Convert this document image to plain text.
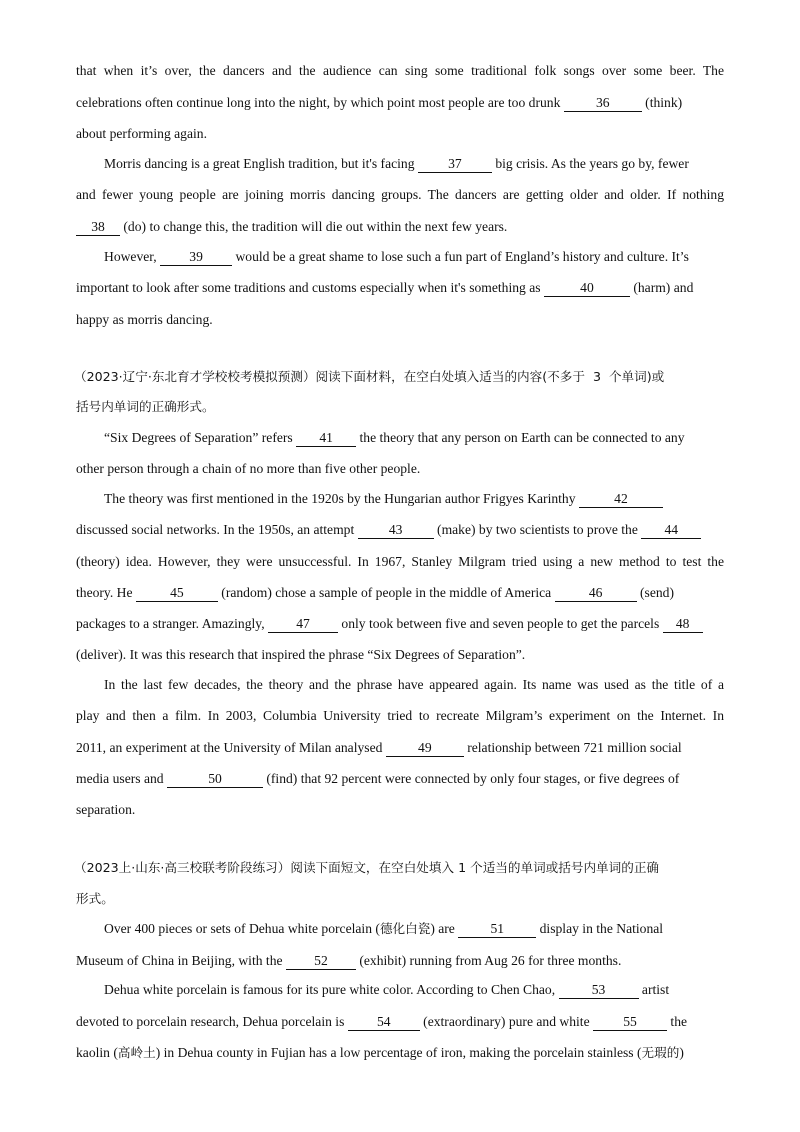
that when it’s over, the dancers and the audience can sing some traditional folk songs over some beer. The
celebrations often continue long into the night, by which point most people are too drunk 36 (think)
about performing again.
Morris dancing is a great English tradition, but it's facing 37 big crisis. As the years go by, fewer
and fewer young people are joining morris dancing groups. The dancers are getting older and older. If nothing
38 (do) to change this, the tradition will die out within the next few years.
However, 39 would be a great shame to lose such a fun part of England’s history and culture. It’s
important to look after some traditions and customs especially when it's something as	40	(harm) and
happy as morris dancing.
（2023·辽宁·东北育才学校校考模拟预测）阅读下面材料，在空白处填入适当的内容(不多于  3  个单词)或
括号内单词的正确形式。
“Six Degrees of Separation” refers 41 the theory that any person on Earth can be connected to any
other person through a chain of no more than five other people.
The theory was first mentioned in the 1920s by the Hungarian author Frigyes Karinthy	42
discussed social networks. In the 1950s, an attempt 43 (make) by two scientists to prove the 44
(theory) idea. However, they were unsuccessful. In 1967, Stanley Milgram tried using a new method to test the
theory. He	45	(random) chose a sample of people in the middle of America	46	(send)
packages to a stranger. Amazingly, 47 only took between five and seven people to get the parcels 48
(deliver). It was this research that inspired the phrase “Six Degrees of Separation”.
In the last few decades, the theory and the phrase have appeared again. Its name was used as the title of a
play and then a film. In 2003, Columbia University tried to recreate Milgram’s experiment on the Internet. In
2011, an experiment at the University of Milan analysed 49 relationship between 721 million social
media users and	50	(find) that 92 percent were connected by only four stages, or five degrees of
separation.
（2023上·山东·高三校联考阶段练习）阅读下面短文，在空白处填入 1 个适当的单词或括号内单词的正确
形式。
Over 400 pieces or sets of Dehua white porcelain (德化白瓷) are 51 display in the National
Museum of China in Beijing, with the 52 (exhibit) running from Aug 26 for three months.
Dehua white porcelain is famous for its pure white color. According to Chen Chao, 53 artist
devoted to porcelain research, Dehua porcelain is 54 (extraordinary) pure and white 55 the
kaolin (高岭土) in Dehua county in Fujian has a low percentage of iron, making the porcelain stainless (无瑕的)
